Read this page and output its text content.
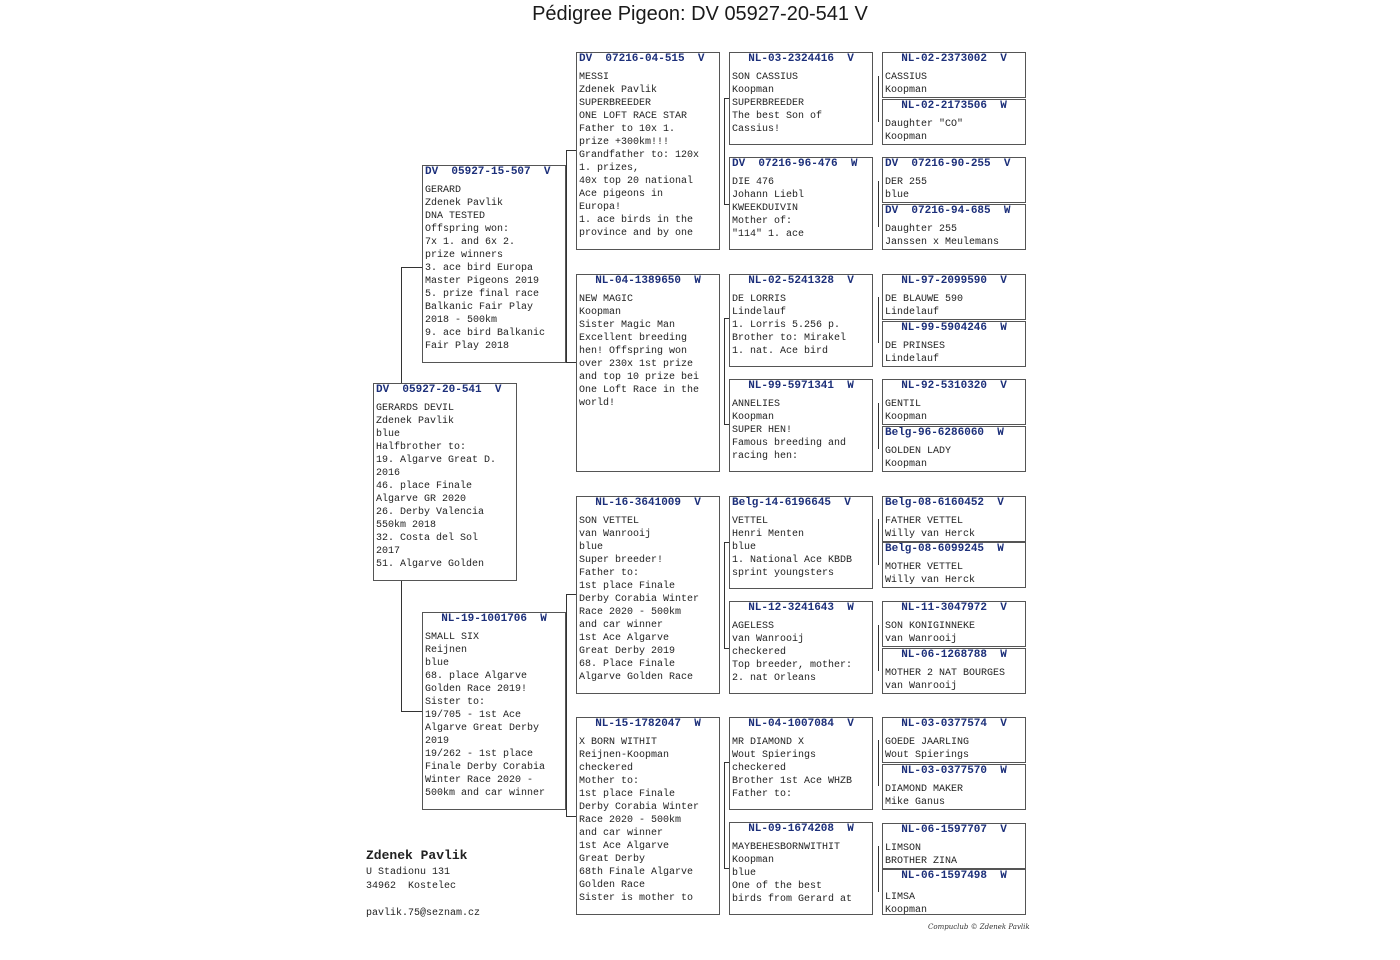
Pédigree Pigeon: DV 05927-20-541 V
DV  05927-20-541  V
GERARDS DEVIL
Zdenek Pavlik
blue
Halfbrother to:
19. Algarve Great D.
2016
46. place Finale
Algarve GR 2020
26. Derby Valencia
550km 2018
32. Costa del Sol
2017
51. Algarve Golden
DV  05927-15-507  V
GERARD
Zdenek Pavlik
DNA TESTED
Offspring won:
7x 1. and 6x 2.
prize winners
3. ace bird Europa
Master Pigeons 2019
5. prize final race
Balkanic Fair Play
2018 - 500km
9. ace bird Balkanic
Fair Play 2018
NL-19-1001706  W
SMALL SIX
Reijnen
blue
68. place Algarve
Golden Race 2019!
Sister to:
19/705 - 1st Ace
Algarve Great Derby
2019
19/262 - 1st place
Finale Derby Corabia
Winter Race 2020 -
500km and car winner
DV  07216-04-515  V
MESSI
Zdenek Pavlik
SUPERBREEDER
ONE LOFT RACE STAR
Father to 10x 1.
prize +300km!!!
Grandfather to: 120x
1. prizes,
40x top 20 national
Ace pigeons in
Europa!
1. ace birds in the
province and by one
NL-04-1389650  W
NEW MAGIC
Koopman
Sister Magic Man
Excellent breeding
hen! Offspring won
over 230x 1st prize
and top 10 prize bei
One Loft Race in the
world!
NL-16-3641009  V
SON VETTEL
van Wanrooij
blue
Super breeder!
Father to:
1st place Finale
Derby Corabia Winter
Race 2020 - 500km
and car winner
1st Ace Algarve
Great Derby 2019
68. Place Finale
Algarve Golden Race
NL-15-1782047  W
X BORN WITHIT
Reijnen-Koopman
checkered
Mother to:
1st place Finale
Derby Corabia Winter
Race 2020 - 500km
and car winner
1st Ace Algarve
Great Derby
68th Finale Algarve
Golden Race
Sister is mother to
NL-03-2324416  V
SON CASSIUS
Koopman
SUPERBREEDER
The best Son of
Cassius!
DV  07216-96-476  W
DIE 476
Johann Liebl
KWEEKDUIVIN
Mother of:
"114" 1. ace
NL-02-5241328  V
DE LORRIS
Lindelauf
1. Lorris 5.256 p.
Brother to: Mirakel
1. nat. Ace bird
NL-99-5971341  W
ANNELIES
Koopman
SUPER HEN!
Famous breeding and
racing hen:
Belg-14-6196645  V
VETTEL
Henri Menten
blue
1. National Ace KBDB
sprint youngsters
NL-12-3241643  W
AGELESS
van Wanrooij
checkered
Top breeder, mother:
2. nat Orleans
NL-04-1007084  V
MR DIAMOND X
Wout Spierings
checkered
Brother 1st Ace WHZB
Father to:
NL-09-1674208  W
MAYBEHESBORNWITHIT
Koopman
blue
One of the best
birds from Gerard at
NL-02-2373002  V
CASSIUS
Koopman
NL-02-2173506  W
Daughter "CO"
Koopman
DV  07216-90-255  V
DER 255
blue
DV  07216-94-685  W
Daughter 255
Janssen x Meulemans
NL-97-2099590  V
DE BLAUWE 590
Lindelauf
NL-99-5904246  W
DE PRINSES
Lindelauf
NL-92-5310320  V
GENTIL
Koopman
Belg-96-6286060  W
GOLDEN LADY
Koopman
Belg-08-6160452  V
FATHER VETTEL
Willy van Herck
Belg-08-6099245  W
MOTHER VETTEL
Willy van Herck
NL-11-3047972  V
SON KONIGINNEKE
van Wanrooij
NL-06-1268788  W
MOTHER 2 NAT BOURGES
van Wanrooij
NL-03-0377574  V
GOEDE JAARLING
Wout Spierings
NL-03-0377570  W
DIAMOND MAKER
Mike Ganus
NL-06-1597707  V
LIMSON
BROTHER ZINA
NL-06-1597498  W
LIMSA
Koopman
Zdenek Pavlik
U Stadionu 131
34962  Kostelec
pavlik.75@seznam.cz
Compuclub © Zdenek Pavlik
